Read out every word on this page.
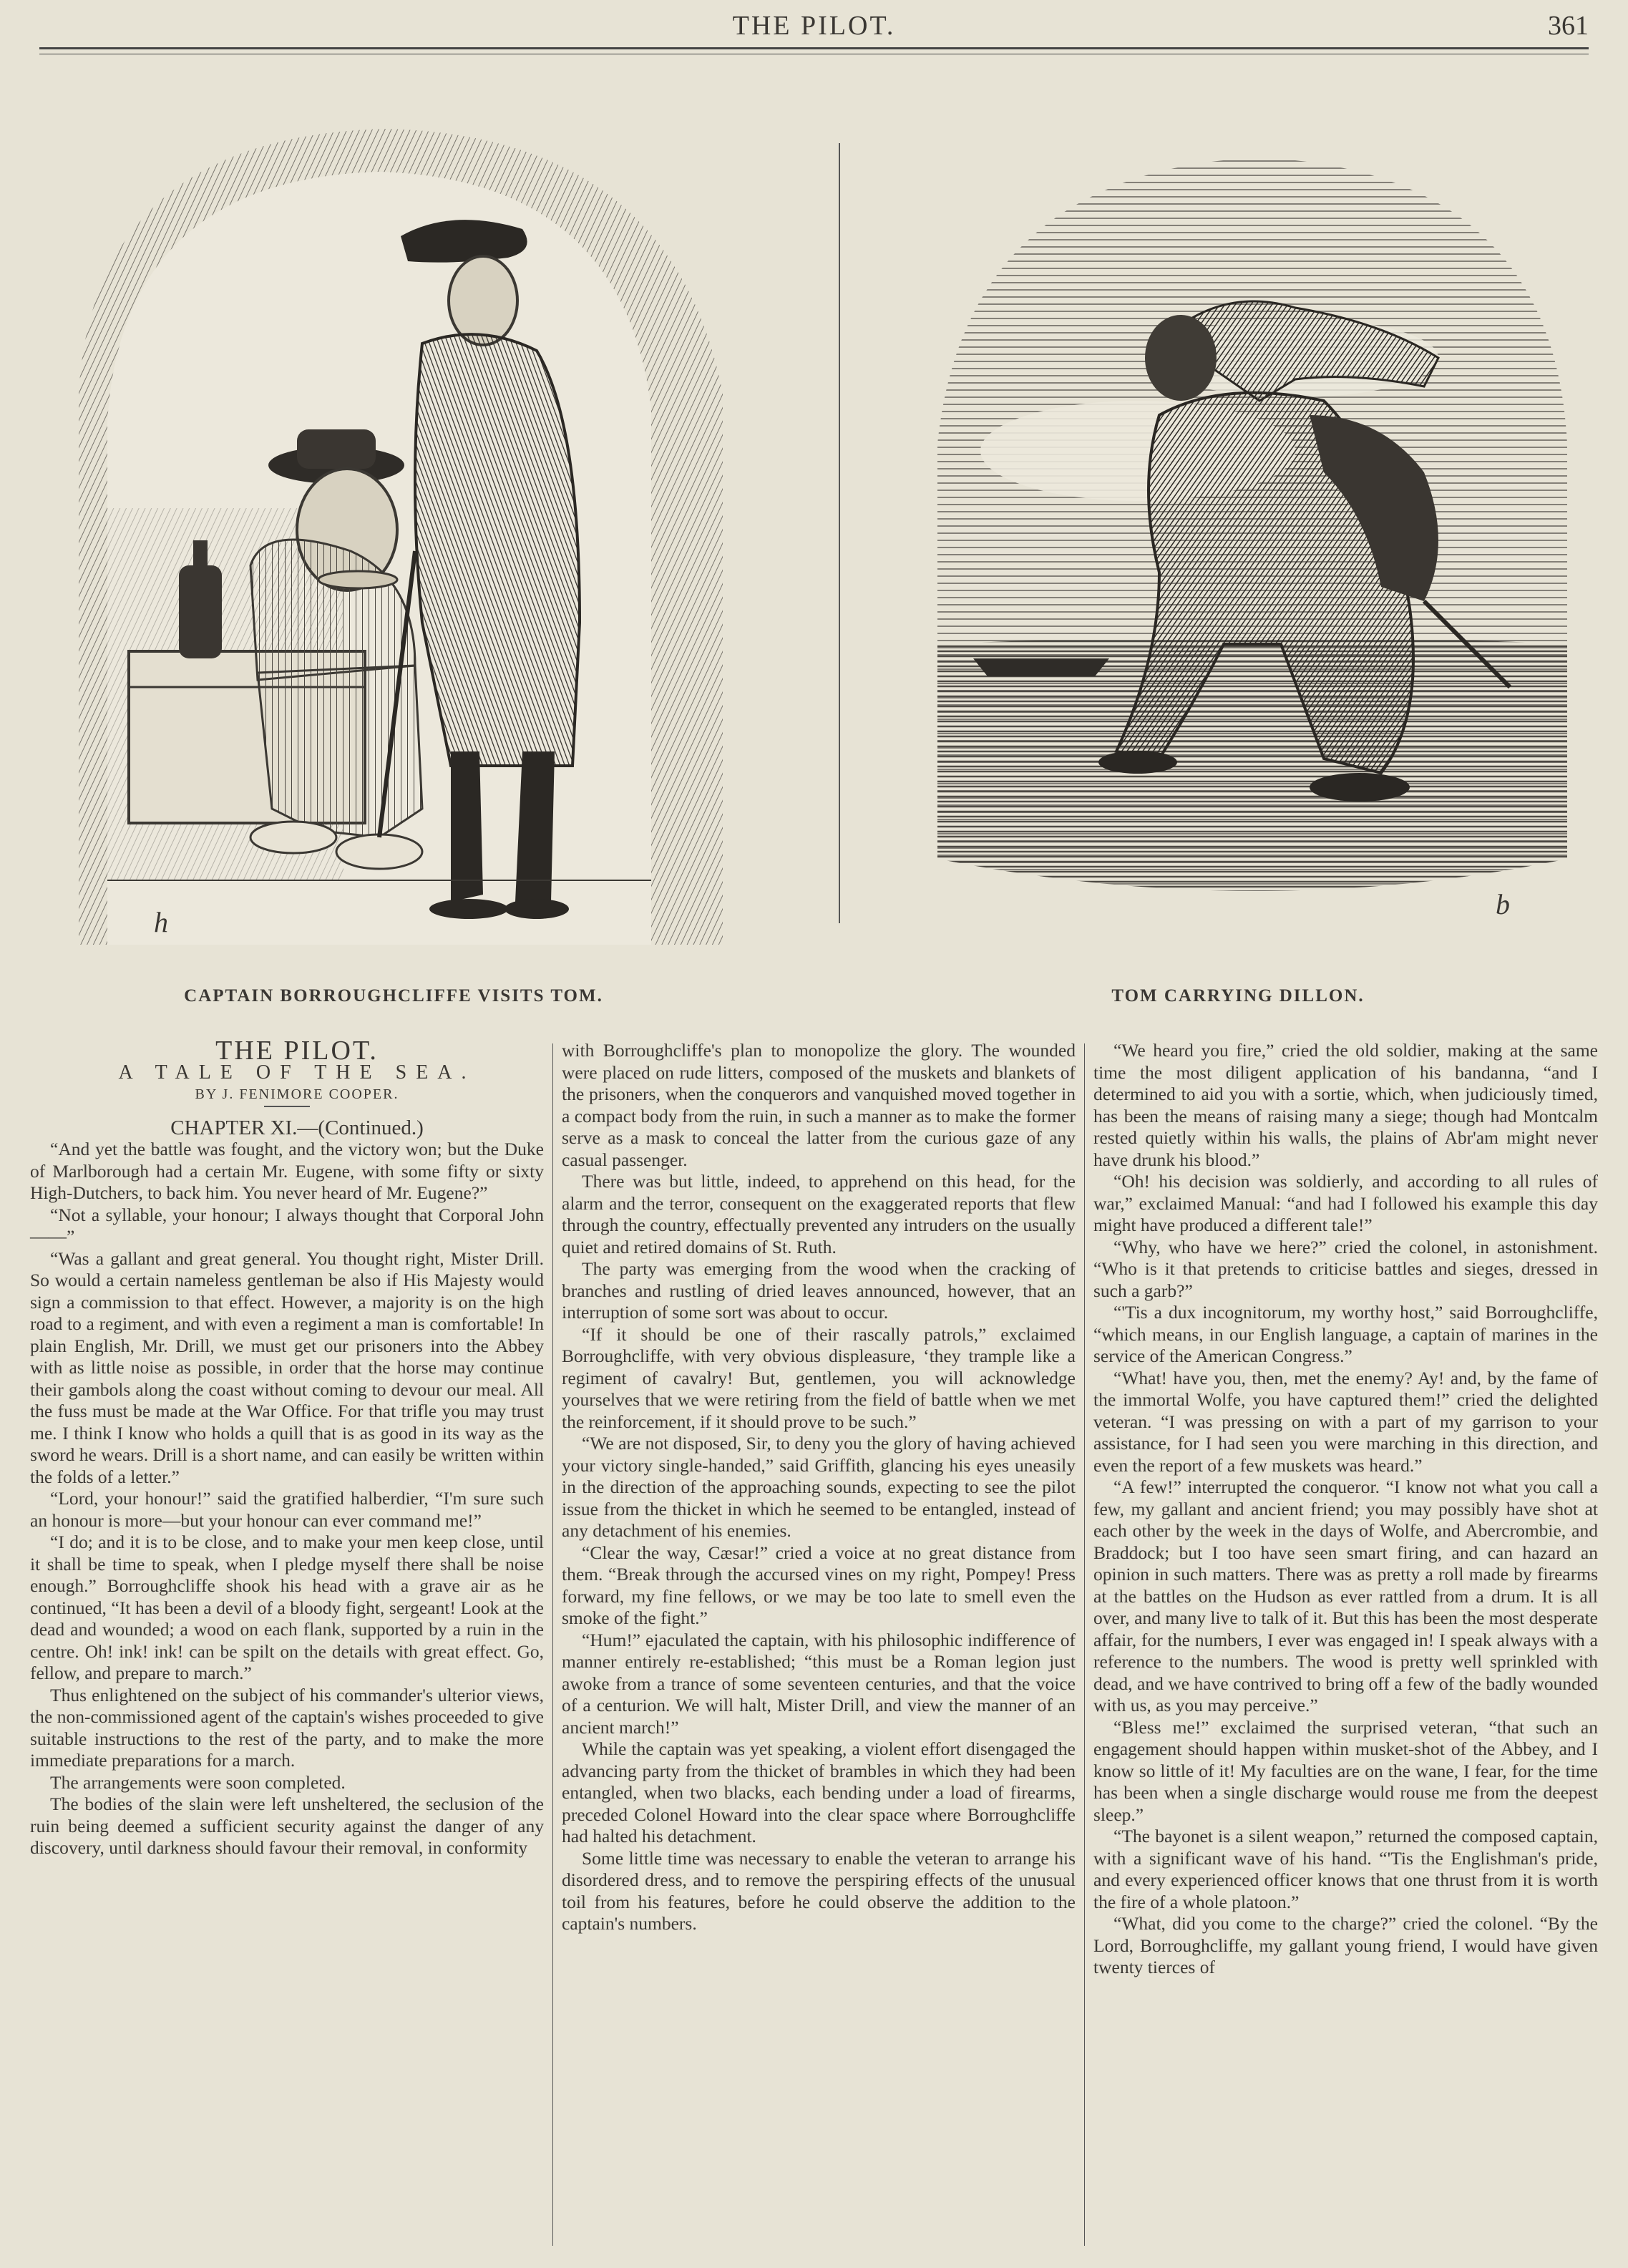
THE PILOT.	361
h
b
CAPTAIN BORROUGHCLIFFE VISITS TOM.	TOM CARRYING DILLON.

THE PILOT.

A TALE OF THE SEA.

BY J. FENIMORE COOPER.

CHAPTER XI.—(Continued.)

“And yet the battle was fought, and the victory won; but the Duke of Marlborough had a certain Mr. Eugene, with some fifty or sixty High-Dutchers, to back him. You never heard of Mr. Eugene?”

“Not a syllable, your honour; I always thought that Corporal John——”

“Was a gallant and great general. You thought right, Mister Drill. So would a certain nameless gentleman be also if His Majesty would sign a commission to that effect. However, a majority is on the high road to a regiment, and with even a regiment a man is comfortable! In plain English, Mr. Drill, we must get our prisoners into the Abbey with as little noise as possible, in order that the horse may continue their gambols along the coast without coming to devour our meal. All the fuss must be made at the War Office. For that trifle you may trust me. I think I know who holds a quill that is as good in its way as the sword he wears. Drill is a short name, and can easily be written within the folds of a letter.”

“Lord, your honour!” said the gratified halberdier, “I'm sure such an honour is more—but your honour can ever command me!”

“I do; and it is to be close, and to make your men keep close, until it shall be time to speak, when I pledge myself there shall be noise enough.” Borroughcliffe shook his head with a grave air as he continued, “It has been a devil of a bloody fight, sergeant! Look at the dead and wounded; a wood on each flank, supported by a ruin in the centre. Oh! ink! ink! can be spilt on the details with great effect. Go, fellow, and prepare to march.”

Thus enlightened on the subject of his commander's ulterior views, the non-commissioned agent of the captain's wishes proceeded to give suitable instructions to the rest of the party, and to make the more immediate preparations for a march.

The arrangements were soon completed.

The bodies of the slain were left unsheltered, the seclusion of the ruin being deemed a sufficient security against the danger of any discovery, until darkness should favour their removal, in conformity

with Borroughcliffe's plan to monopolize the glory. The wounded were placed on rude litters, composed of the muskets and blankets of the prisoners, when the conquerors and vanquished moved together in a compact body from the ruin, in such a manner as to make the former serve as a mask to conceal the latter from the curious gaze of any casual passenger.

There was but little, indeed, to apprehend on this head, for the alarm and the terror, consequent on the exaggerated reports that flew through the country, effectually prevented any intruders on the usually quiet and retired domains of St. Ruth.

The party was emerging from the wood when the cracking of branches and rustling of dried leaves announced, however, that an interruption of some sort was about to occur.

“If it should be one of their rascally patrols,” exclaimed Borroughcliffe, with very obvious displeasure, ‘they trample like a regiment of cavalry! But, gentlemen, you will acknowledge yourselves that we were retiring from the field of battle when we met the reinforcement, if it should prove to be such.”

“We are not disposed, Sir, to deny you the glory of having achieved your victory single-handed,” said Griffith, glancing his eyes uneasily in the direction of the approaching sounds, expecting to see the pilot issue from the thicket in which he seemed to be entangled, instead of any detachment of his enemies.

“Clear the way, Cæsar!” cried a voice at no great distance from them. “Break through the accursed vines on my right, Pompey! Press forward, my fine fellows, or we may be too late to smell even the smoke of the fight.”

“Hum!” ejaculated the captain, with his philosophic indifference of manner entirely re-established; “this must be a Roman legion just awoke from a trance of some seventeen centuries, and that the voice of a centurion. We will halt, Mister Drill, and view the manner of an ancient march!”

While the captain was yet speaking, a violent effort disengaged the advancing party from the thicket of brambles in which they had been entangled, when two blacks, each bending under a load of firearms, preceded Colonel Howard into the clear space where Borroughcliffe had halted his detachment.

Some little time was necessary to enable the veteran to arrange his disordered dress, and to remove the perspiring effects of the unusual toil from his features, before he could observe the addition to the captain's numbers.

“We heard you fire,” cried the old soldier, making at the same time the most diligent application of his bandanna, “and I determined to aid you with a sortie, which, when judiciously timed, has been the means of raising many a siege; though had Montcalm rested quietly within his walls, the plains of Abr'am might never have drunk his blood.”

“Oh! his decision was soldierly, and according to all rules of war,” exclaimed Manual: “and had I followed his example this day might have produced a different tale!”

“Why, who have we here?” cried the colonel, in astonishment. “Who is it that pretends to criticise battles and sieges, dressed in such a garb?”

“'Tis a dux incognitorum, my worthy host,” said Borroughcliffe, “which means, in our English language, a captain of marines in the service of the American Congress.”

“What! have you, then, met the enemy? Ay! and, by the fame of the immortal Wolfe, you have captured them!” cried the delighted veteran. “I was pressing on with a part of my garrison to your assistance, for I had seen you were marching in this direction, and even the report of a few muskets was heard.”

“A few!” interrupted the conqueror. “I know not what you call a few, my gallant and ancient friend; you may possibly have shot at each other by the week in the days of Wolfe, and Abercrombie, and Braddock; but I too have seen smart firing, and can hazard an opinion in such matters. There was as pretty a roll made by firearms at the battles on the Hudson as ever rattled from a drum. It is all over, and many live to talk of it. But this has been the most desperate affair, for the numbers, I ever was engaged in! I speak always with a reference to the numbers. The wood is pretty well sprinkled with dead, and we have contrived to bring off a few of the badly wounded with us, as you may perceive.”

“Bless me!” exclaimed the surprised veteran, “that such an engagement should happen within musket-shot of the Abbey, and I know so little of it! My faculties are on the wane, I fear, for the time has been when a single discharge would rouse me from the deepest sleep.”

“The bayonet is a silent weapon,” returned the composed captain, with a significant wave of his hand. “'Tis the Englishman's pride, and every experienced officer knows that one thrust from it is worth the fire of a whole platoon.”

“What, did you come to the charge?” cried the colonel. “By the Lord, Borroughcliffe, my gallant young friend, I would have given twenty tierces of
